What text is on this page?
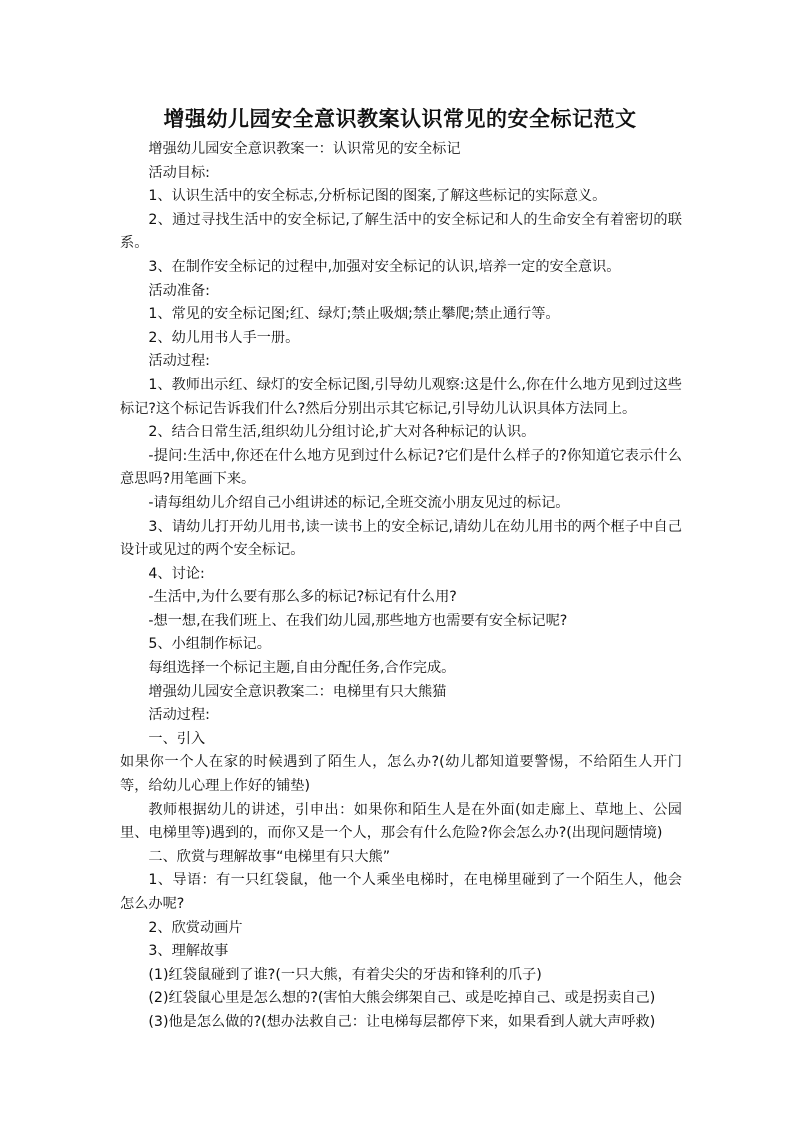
增强幼儿园安全意识教案认识常见的安全标记范文

增强幼儿园安全意识教案一：认识常见的安全标记

活动目标:

1、认识生活中的安全标志,分析标记图的图案,了解这些标记的实际意义。

2、通过寻找生活中的安全标记,了解生活中的安全标记和人的生命安全有着密切的联系。

3、在制作安全标记的过程中,加强对安全标记的认识,培养一定的安全意识。

活动准备:

1、常见的安全标记图;红、绿灯;禁止吸烟;禁止攀爬;禁止通行等。

2、幼儿用书人手一册。

活动过程:

1、教师出示红、绿灯的安全标记图,引导幼儿观察:这是什么,你在什么地方见到过这些标记?这个标记告诉我们什么?然后分别出示其它标记,引导幼儿认识具体方法同上。

2、结合日常生活,组织幼儿分组讨论,扩大对各种标记的认识。

-提问:生活中,你还在什么地方见到过什么标记?它们是什么样子的?你知道它表示什么意思吗?用笔画下来。

-请每组幼儿介绍自己小组讲述的标记,全班交流小朋友见过的标记。

3、请幼儿打开幼儿用书,读一读书上的安全标记,请幼儿在幼儿用书的两个框子中自己设计或见过的两个安全标记。

4、讨论:

-生活中,为什么要有那么多的标记?标记有什么用?

-想一想,在我们班上、在我们幼儿园,那些地方也需要有安全标记呢?

5、小组制作标记。

每组选择一个标记主题,自由分配任务,合作完成。

增强幼儿园安全意识教案二：电梯里有只大熊猫

活动过程:

一、引入

如果你一个人在家的时候遇到了陌生人，怎么办?(幼儿都知道要警惕，不给陌生人开门等，给幼儿心理上作好的铺垫)

教师根据幼儿的讲述，引申出：如果你和陌生人是在外面(如走廊上、草地上、公园里、电梯里等)遇到的，而你又是一个人，那会有什么危险?你会怎么办?(出现问题情境)

二、欣赏与理解故事“电梯里有只大熊”

1、导语：有一只红袋鼠，他一个人乘坐电梯时，在电梯里碰到了一个陌生人，他会怎么办呢?

2、欣赏动画片

3、理解故事

(1)红袋鼠碰到了谁?(一只大熊，有着尖尖的牙齿和锋利的爪子)

(2)红袋鼠心里是怎么想的?(害怕大熊会绑架自己、或是吃掉自己、或是拐卖自己)

(3)他是怎么做的?(想办法救自己：让电梯每层都停下来，如果看到人就大声呼救)
